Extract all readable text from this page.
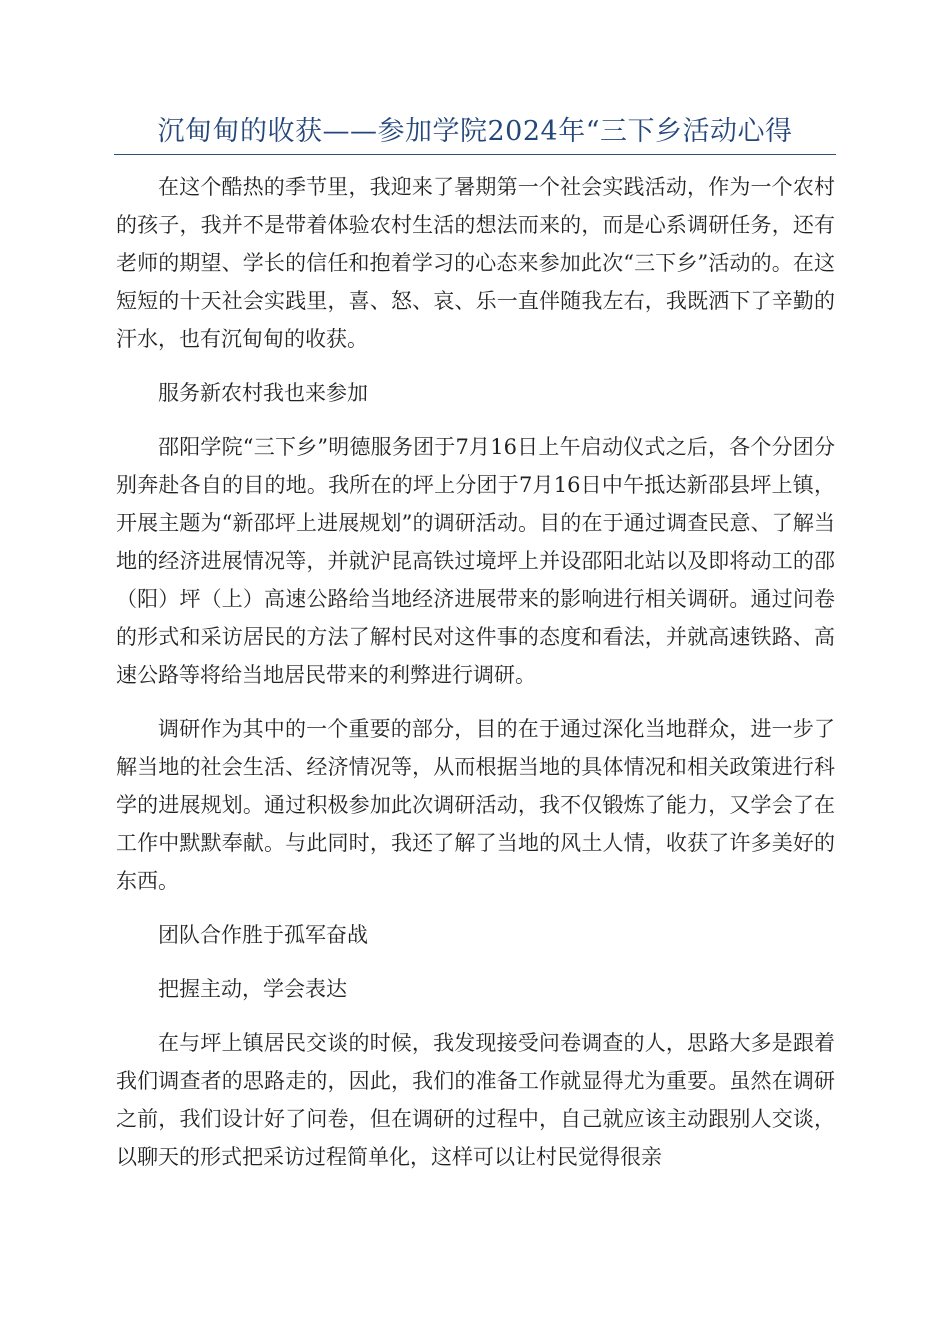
沉甸甸的收获——参加学院2024年“三下乡活动心得

在这个酷热的季节里，我迎来了暑期第一个社会实践活动，作为一个农村的孩子，我并不是带着体验农村生活的想法而来的，而是心系调研任务，还有老师的期望、学长的信任和抱着学习的心态来参加此次“三下乡”活动的。在这短短的十天社会实践里，喜、怒、哀、乐一直伴随我左右，我既洒下了辛勤的汗水，也有沉甸甸的收获。

服务新农村我也来参加

邵阳学院“三下乡”明德服务团于7月16日上午启动仪式之后，各个分团分别奔赴各自的目的地。我所在的坪上分团于7月16日中午抵达新邵县坪上镇，开展主题为“新邵坪上进展规划”的调研活动。目的在于通过调查民意、了解当地的经济进展情况等，并就沪昆高铁过境坪上并设邵阳北站以及即将动工的邵（阳）坪（上）高速公路给当地经济进展带来的影响进行相关调研。通过问卷的形式和采访居民的方法了解村民对这件事的态度和看法，并就高速铁路、高速公路等将给当地居民带来的利弊进行调研。

调研作为其中的一个重要的部分，目的在于通过深化当地群众，进一步了解当地的社会生活、经济情况等，从而根据当地的具体情况和相关政策进行科学的进展规划。通过积极参加此次调研活动，我不仅锻炼了能力，又学会了在工作中默默奉献。与此同时，我还了解了当地的风土人情，收获了许多美好的东西。

团队合作胜于孤军奋战

把握主动，学会表达

在与坪上镇居民交谈的时候，我发现接受问卷调查的人，思路大多是跟着我们调查者的思路走的，因此，我们的准备工作就显得尤为重要。虽然在调研之前，我们设计好了问卷，但在调研的过程中，自己就应该主动跟别人交谈，以聊天的形式把采访过程简单化，这样可以让村民觉得很亲
